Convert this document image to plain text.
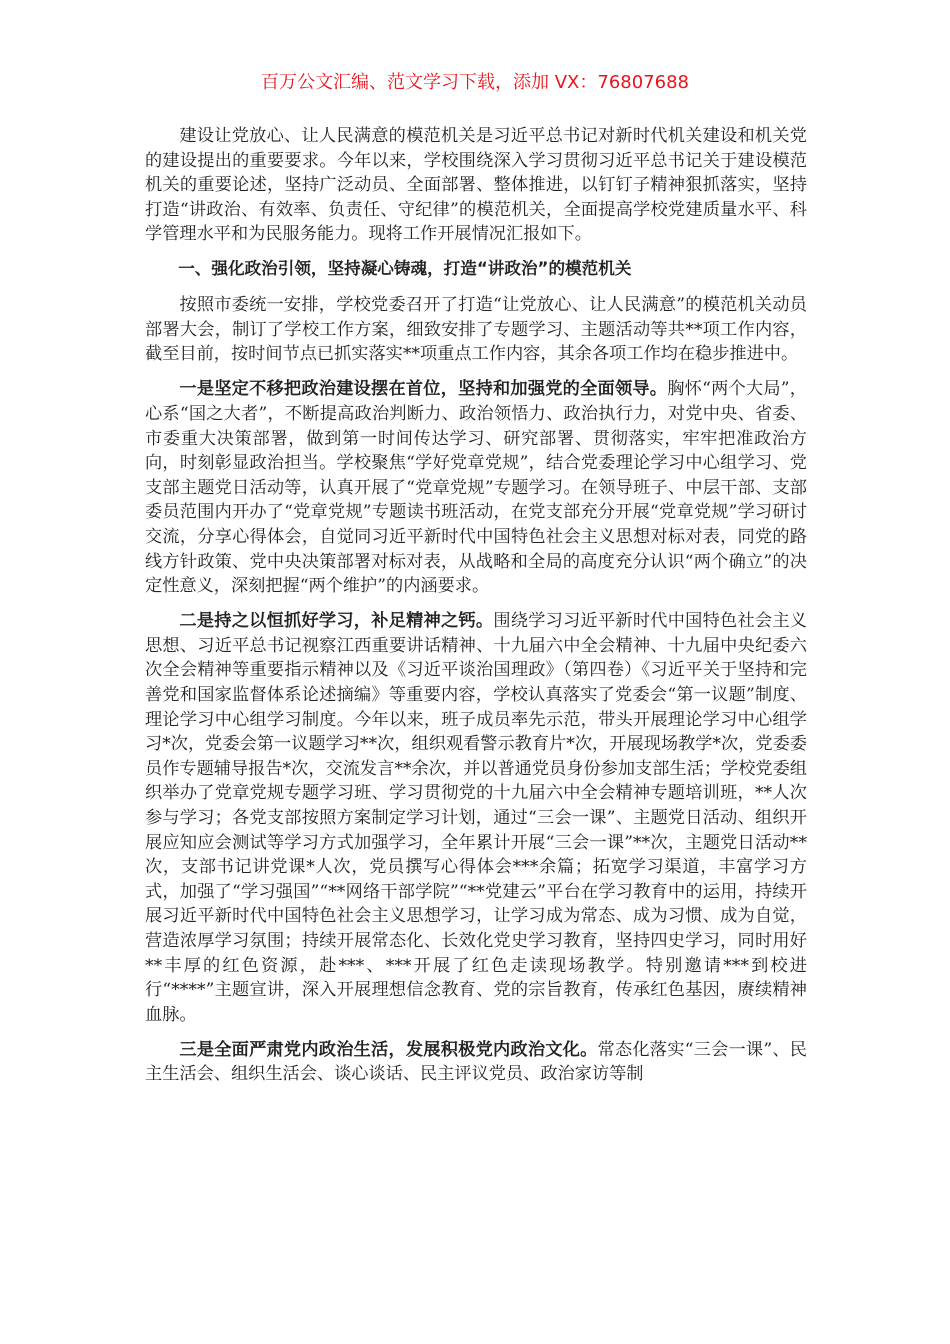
百万公文汇编、范文学习下载，添加 VX：76807688

建设让党放心、让人民满意的模范机关是习近平总书记对新时代机关建设和机关党的建设提出的重要要求。今年以来，学校围绕深入学习贯彻习近平总书记关于建设模范机关的重要论述，坚持广泛动员、全面部署、整体推进，以钉钉子精神狠抓落实，坚持打造“讲政治、有效率、负责任、守纪律”的模范机关，全面提高学校党建质量水平、科学管理水平和为民服务能力。现将工作开展情况汇报如下。

一、强化政治引领，坚持凝心铸魂，打造“讲政治”的模范机关

按照市委统一安排，学校党委召开了打造“让党放心、让人民满意”的模范机关动员部署大会，制订了学校工作方案，细致安排了专题学习、主题活动等共**项工作内容，截至目前，按时间节点已抓实落实**项重点工作内容，其余各项工作均在稳步推进中。

一是坚定不移把政治建设摆在首位，坚持和加强党的全面领导。胸怀“两个大局”，心系“国之大者”，不断提高政治判断力、政治领悟力、政治执行力，对党中央、省委、市委重大决策部署，做到第一时间传达学习、研究部署、贯彻落实，牢牢把准政治方向，时刻彰显政治担当。学校聚焦“学好党章党规”，结合党委理论学习中心组学习、党支部主题党日活动等，认真开展了“党章党规”专题学习。在领导班子、中层干部、支部委员范围内开办了“党章党规”专题读书班活动，在党支部充分开展“党章党规”学习研讨交流，分享心得体会，自觉同习近平新时代中国特色社会主义思想对标对表，同党的路线方针政策、党中央决策部署对标对表，从战略和全局的高度充分认识“两个确立”的决定性意义，深刻把握“两个维护”的内涵要求。

二是持之以恒抓好学习，补足精神之钙。围绕学习习近平新时代中国特色社会主义思想、习近平总书记视察江西重要讲话精神、十九届六中全会精神、十九届中央纪委六次全会精神等重要指示精神以及《习近平谈治国理政》（第四卷）《习近平关于坚持和完善党和国家监督体系论述摘编》等重要内容，学校认真落实了党委会“第一议题”制度、理论学习中心组学习制度。今年以来，班子成员率先示范，带头开展理论学习中心组学习*次，党委会第一议题学习**次，组织观看警示教育片*次，开展现场教学*次，党委委员作专题辅导报告*次，交流发言**余次，并以普通党员身份参加支部生活；学校党委组织举办了党章党规专题学习班、学习贯彻党的十九届六中全会精神专题培训班，**人次参与学习；各党支部按照方案制定学习计划，通过“三会一课”、主题党日活动、组织开展应知应会测试等学习方式加强学习，全年累计开展“三会一课”**次，主题党日活动**次，支部书记讲党课*人次，党员撰写心得体会***余篇；拓宽学习渠道，丰富学习方式，加强了“学习强国”“**网络干部学院”“**党建云”平台在学习教育中的运用，持续开展习近平新时代中国特色社会主义思想学习，让学习成为常态、成为习惯、成为自觉，营造浓厚学习氛围；持续开展常态化、长效化党史学习教育，坚持四史学习，同时用好**丰厚的红色资源，赴***、***开展了红色走读现场教学。特别邀请***到校进行“****”主题宣讲，深入开展理想信念教育、党的宗旨教育，传承红色基因，赓续精神血脉。

三是全面严肃党内政治生活，发展积极党内政治文化。常态化落实“三会一课”、民主生活会、组织生活会、谈心谈话、民主评议党员、政治家访等制
